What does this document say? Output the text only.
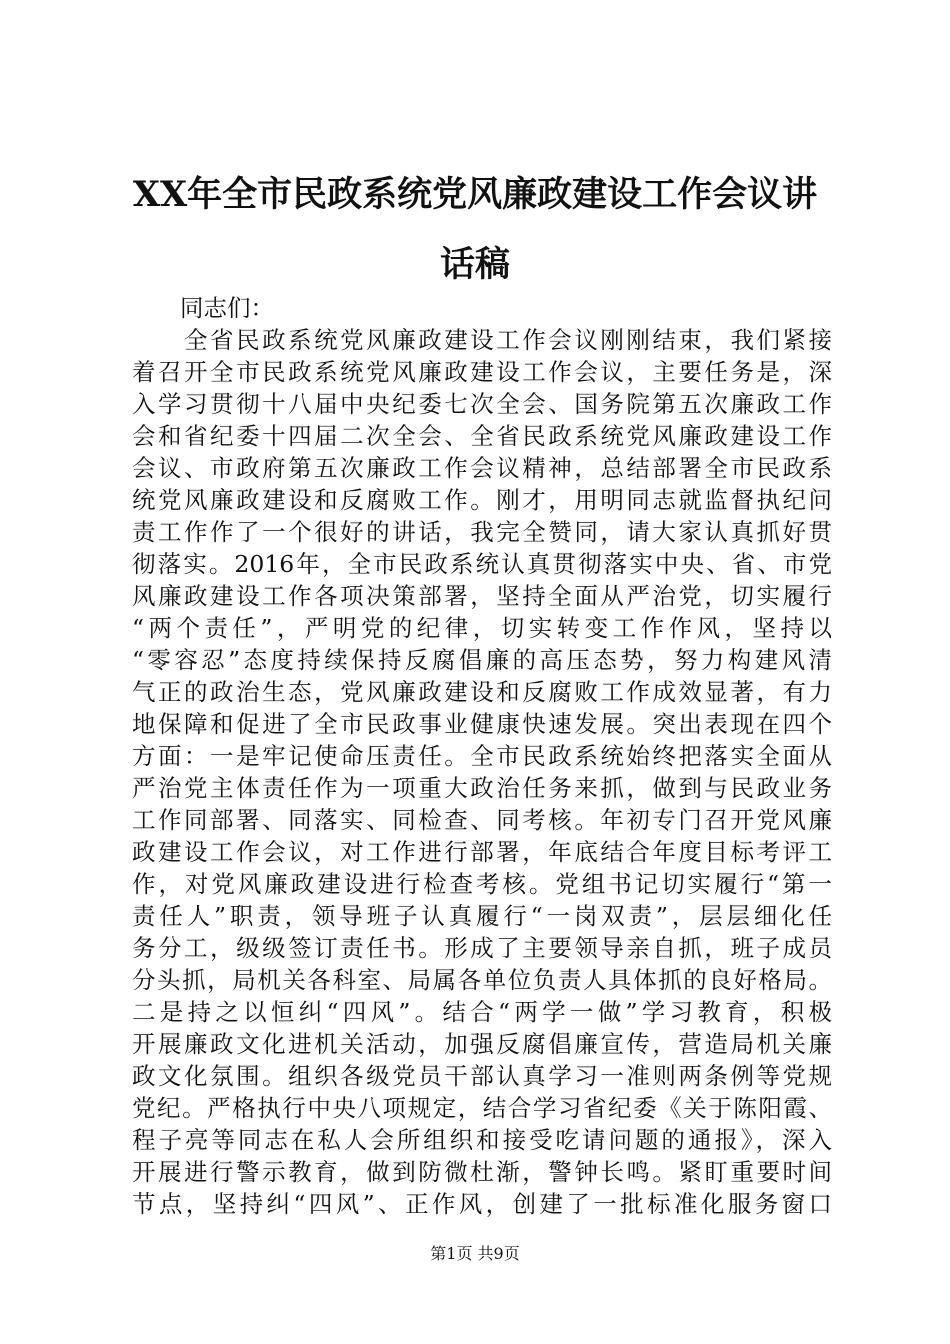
XX年全市民政系统党风廉政建设工作会议讲
话稿
同志们：
　　全省民政系统党风廉政建设工作会议刚刚结束，我们紧接
着召开全市民政系统党风廉政建设工作会议，主要任务是，深
入学习贯彻十八届中央纪委七次全会、国务院第五次廉政工作
会和省纪委十四届二次全会、全省民政系统党风廉政建设工作
会议、市政府第五次廉政工作会议精神，总结部署全市民政系
统党风廉政建设和反腐败工作。刚才，用明同志就监督执纪问
责工作作了一个很好的讲话，我完全赞同，请大家认真抓好贯
彻落实。2016年，全市民政系统认真贯彻落实中央、省、市党
风廉政建设工作各项决策部署，坚持全面从严治党，切实履行
“两个责任”，严明党的纪律，切实转变工作作风，坚持以
“零容忍”态度持续保持反腐倡廉的高压态势，努力构建风清
气正的政治生态，党风廉政建设和反腐败工作成效显著，有力
地保障和促进了全市民政事业健康快速发展。突出表现在四个
方面：一是牢记使命压责任。全市民政系统始终把落实全面从
严治党主体责任作为一项重大政治任务来抓，做到与民政业务
工作同部署、同落实、同检查、同考核。年初专门召开党风廉
政建设工作会议，对工作进行部署，年底结合年度目标考评工
作，对党风廉政建设进行检查考核。党组书记切实履行“第一
责任人”职责，领导班子认真履行“一岗双责”，层层细化任
务分工，级级签订责任书。形成了主要领导亲自抓，班子成员
分头抓，局机关各科室、局属各单位负责人具体抓的良好格局。
二是持之以恒纠“四风”。结合“两学一做”学习教育，积极
开展廉政文化进机关活动，加强反腐倡廉宣传，营造局机关廉
政文化氛围。组织各级党员干部认真学习一准则两条例等党规
党纪。严格执行中央八项规定，结合学习省纪委《关于陈阳霞、
程子亮等同志在私人会所组织和接受吃请问题的通报》，深入
开展进行警示教育，做到防微杜渐，警钟长鸣。紧盯重要时间
节点，坚持纠“四风”、正作风，创建了一批标准化服务窗口
第1页 共9页
